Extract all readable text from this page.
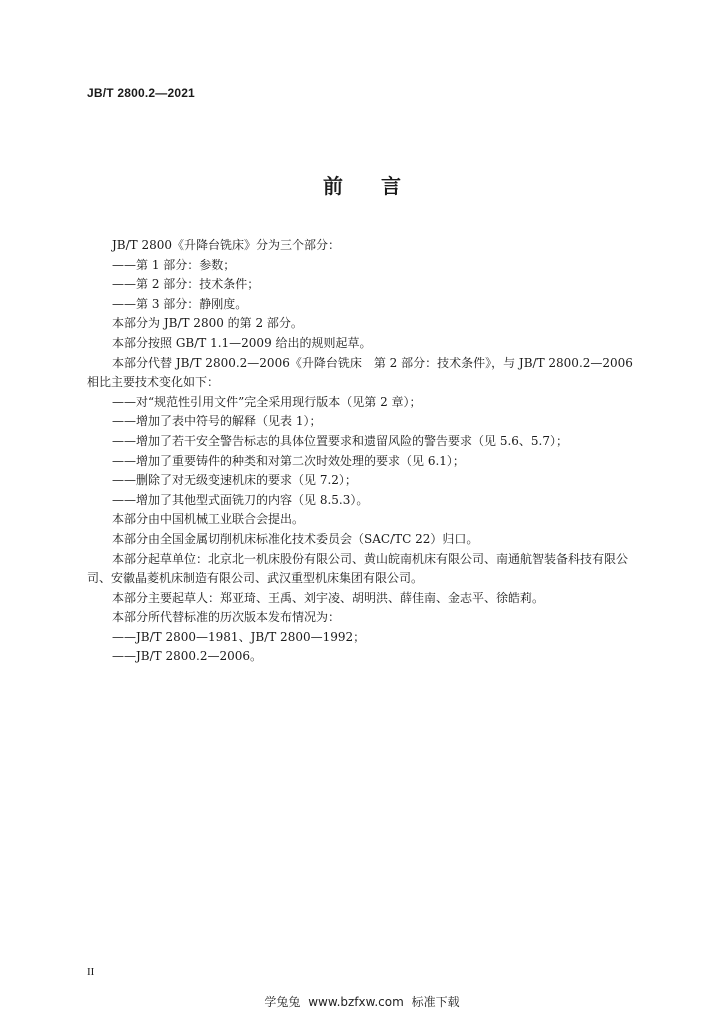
JB/T 2800.2—2021
前 言

JB/T 2800《升降台铣床》分为三个部分：

——第 1 部分：参数；

——第 2 部分：技术条件；

——第 3 部分：静刚度。

本部分为 JB/T 2800 的第 2 部分。

本部分按照 GB/T 1.1—2009 给出的规则起草。

本部分代替 JB/T 2800.2—2006《升降台铣床　第 2 部分：技术条件》，与 JB/T 2800.2—2006 相比主要技术变化如下：

——对“规范性引用文件”完全采用现行版本（见第 2 章）；

——增加了表中符号的解释（见表 1）；

——增加了若干安全警告标志的具体位置要求和遗留风险的警告要求（见 5.6、5.7）；

——增加了重要铸件的种类和对第二次时效处理的要求（见 6.1）；

——删除了对无级变速机床的要求（见 7.2）；

——增加了其他型式面铣刀的内容（见 8.5.3）。

本部分由中国机械工业联合会提出。

本部分由全国金属切削机床标准化技术委员会（SAC/TC 22）归口。

本部分起草单位：北京北一机床股份有限公司、黄山皖南机床有限公司、南通航智装备科技有限公司、安徽晶菱机床制造有限公司、武汉重型机床集团有限公司。

本部分主要起草人：郑亚琦、王禹、刘宇凌、胡明洪、薛佳南、金志平、徐皓莉。

本部分所代替标准的历次版本发布情况为：

——JB/T 2800—1981、JB/T 2800—1992；

——JB/T 2800.2—2006。

II
学兔兔 www.bzfxw.com 标准下载
